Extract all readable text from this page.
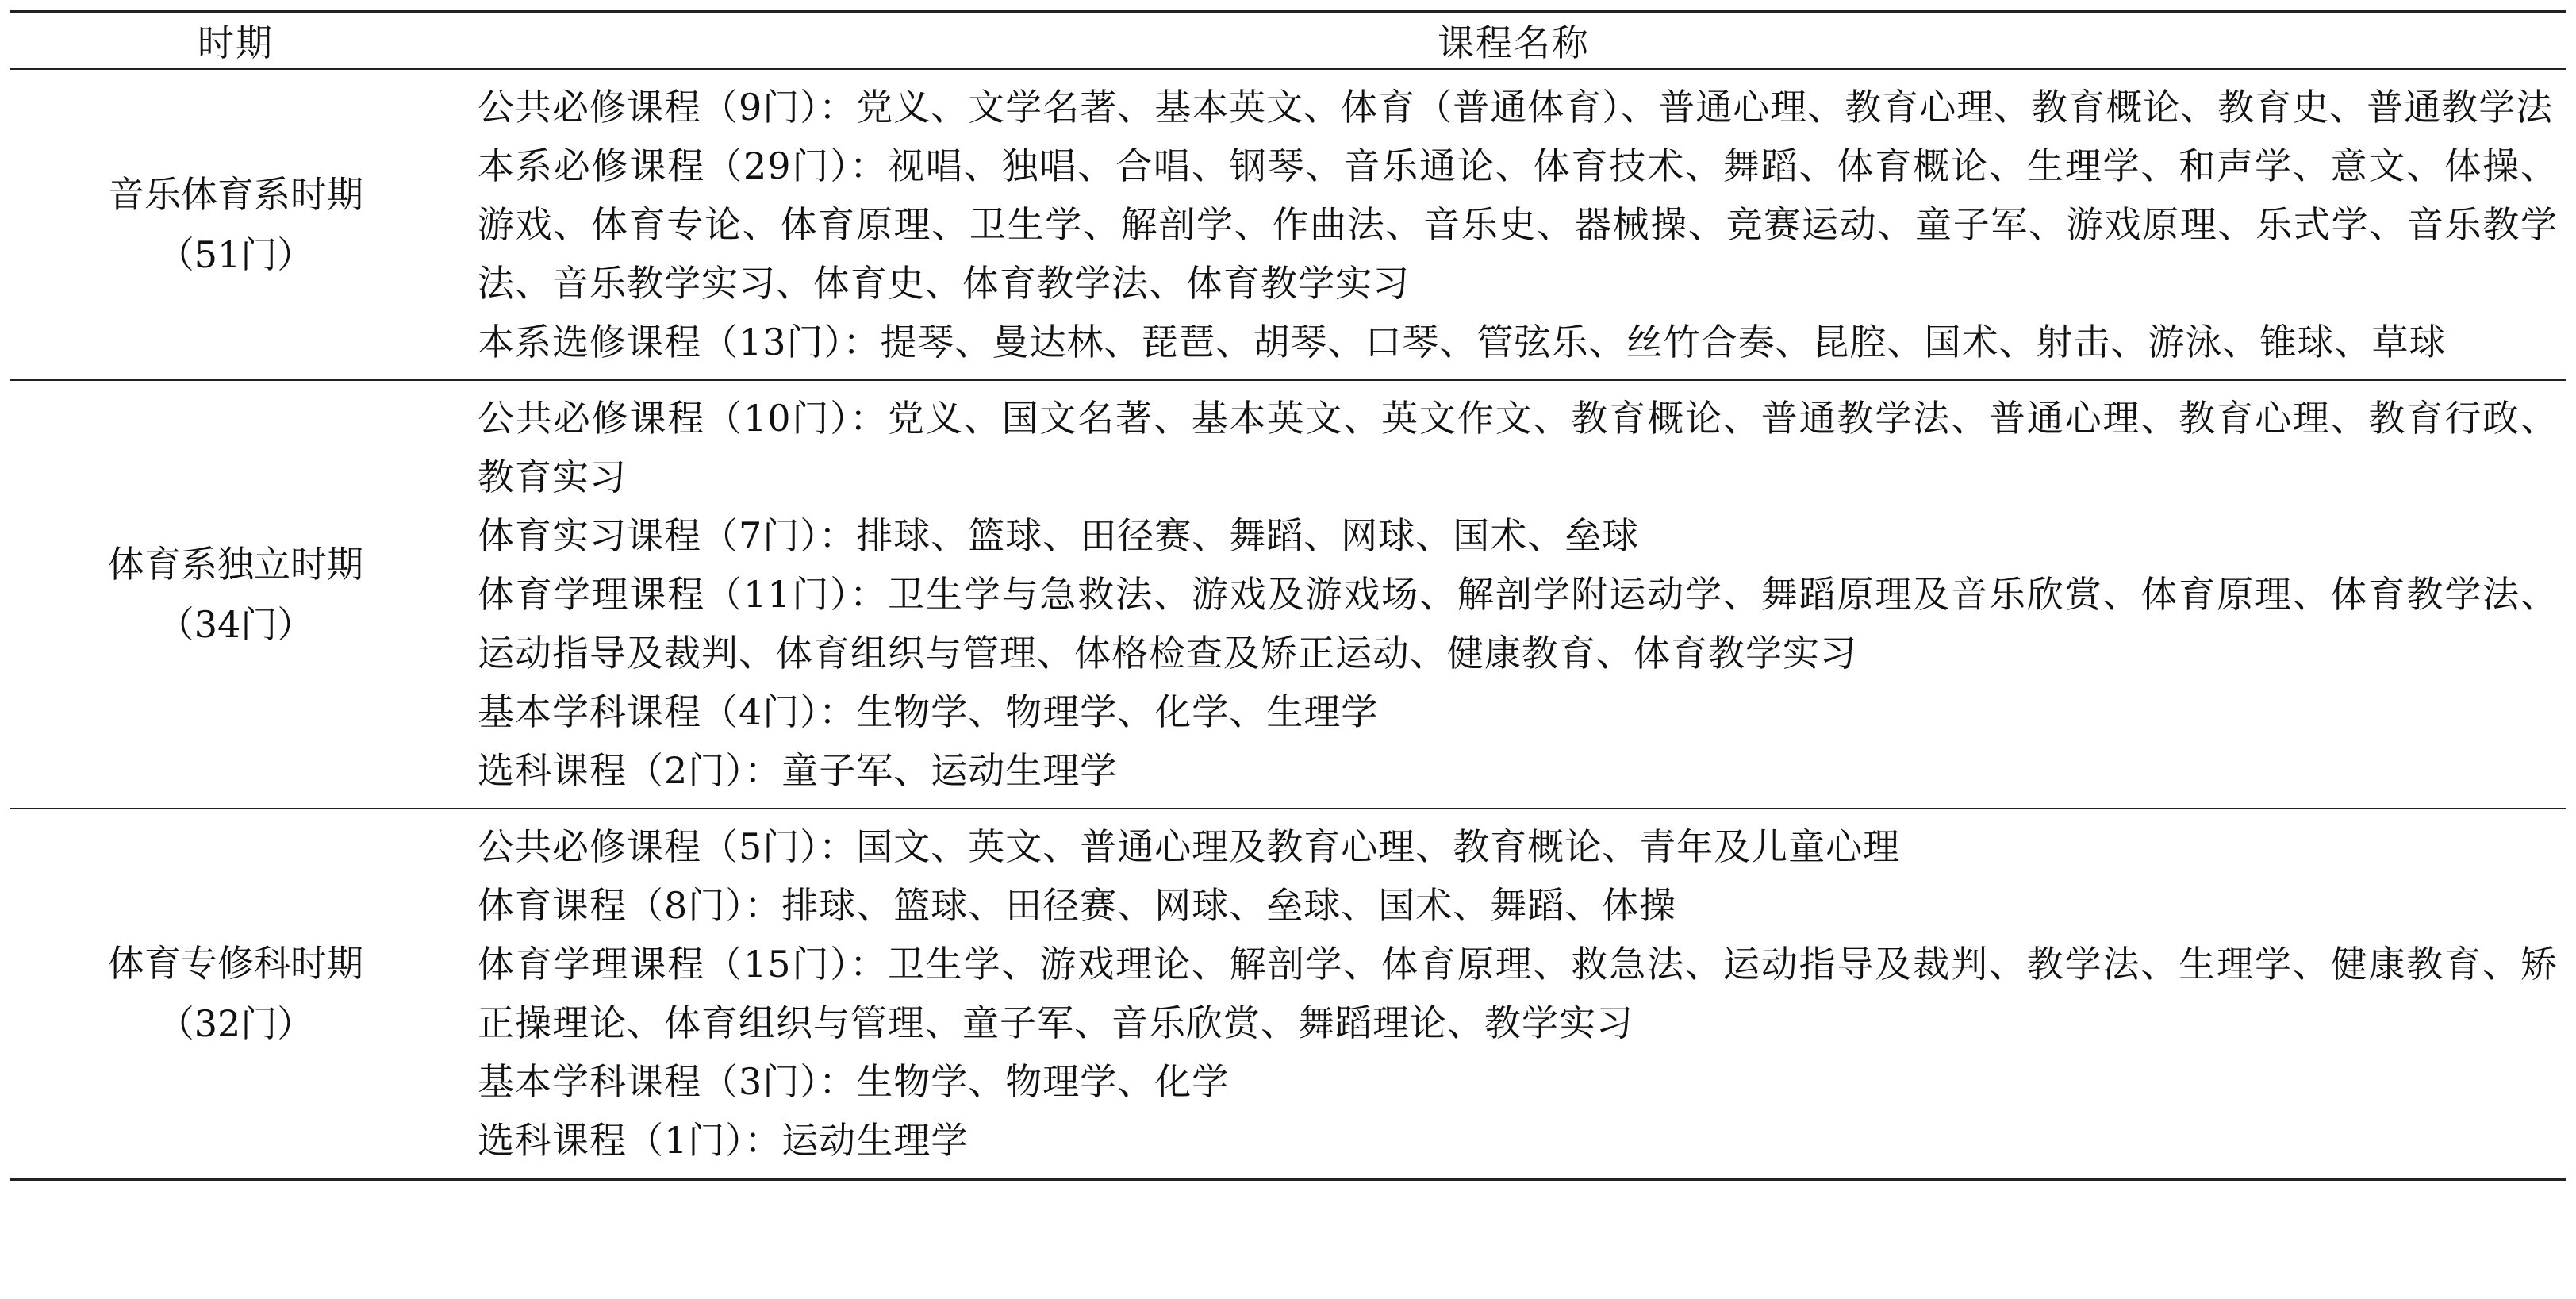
时期	课程名称

音乐体育系时期
（51门）	公共必修课程（9门）：党义、文学名著、基本英文、体育（普通体育）、普通心理、教育心理、教育概论、教育史、普通教学法
本系必修课程（29门）：视唱、独唱、合唱、钢琴、音乐通论、体育技术、舞蹈、体育概论、生理学、和声学、意文、体操、游戏、体育专论、体育原理、卫生学、解剖学、作曲法、音乐史、器械操、竞赛运动、童子军、游戏原理、乐式学、音乐教学法、音乐教学实习、体育史、体育教学法、体育教学实习
本系选修课程（13门）：提琴、曼达林、琵琶、胡琴、口琴、管弦乐、丝竹合奏、昆腔、国术、射击、游泳、锥球、草球

体育系独立时期
（34门）	公共必修课程（10门）：党义、国文名著、基本英文、英文作文、教育概论、普通教学法、普通心理、教育心理、教育行政、教育实习
体育实习课程（7门）：排球、篮球、田径赛、舞蹈、网球、国术、垒球
体育学理课程（11门）：卫生学与急救法、游戏及游戏场、解剖学附运动学、舞蹈原理及音乐欣赏、体育原理、体育教学法、运动指导及裁判、体育组织与管理、体格检查及矫正运动、健康教育、体育教学实习
基本学科课程（4门）：生物学、物理学、化学、生理学
选科课程（2门）：童子军、运动生理学

体育专修科时期
（32门）	公共必修课程（5门）：国文、英文、普通心理及教育心理、教育概论、青年及儿童心理
体育课程（8门）：排球、篮球、田径赛、网球、垒球、国术、舞蹈、体操
体育学理课程（15门）：卫生学、游戏理论、解剖学、体育原理、救急法、运动指导及裁判、教学法、生理学、健康教育、矫正操理论、体育组织与管理、童子军、音乐欣赏、舞蹈理论、教学实习
基本学科课程（3门）：生物学、物理学、化学
选科课程（1门）：运动生理学
